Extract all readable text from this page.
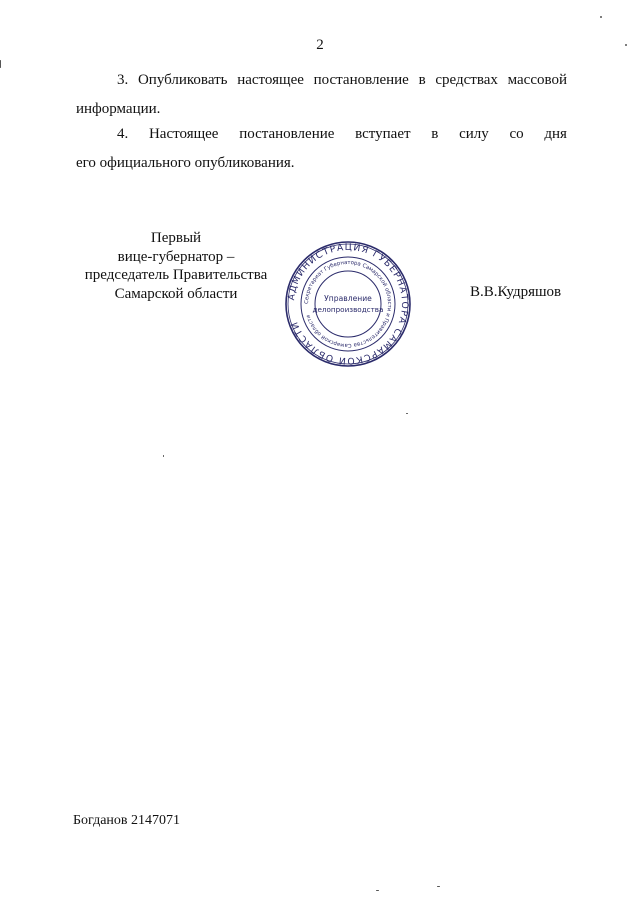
2
3. Опубликовать настоящее постановление в средствах массовой
информации.
4. Настоящее постановление вступает в силу со дня
его официального опубликования.
Первый
вице-губернатор –
председатель Правительства
Самарской области	АДМИНИСТРАЦИЯ ГУБЕРНАТОРА САМАРСКОЙ ОБЛАСТИ
Секретариат Губернатора Самарской области и Правительства Самарской области
Управление
делопроизводства
В.В.Кудряшов
Богданов 2147071
